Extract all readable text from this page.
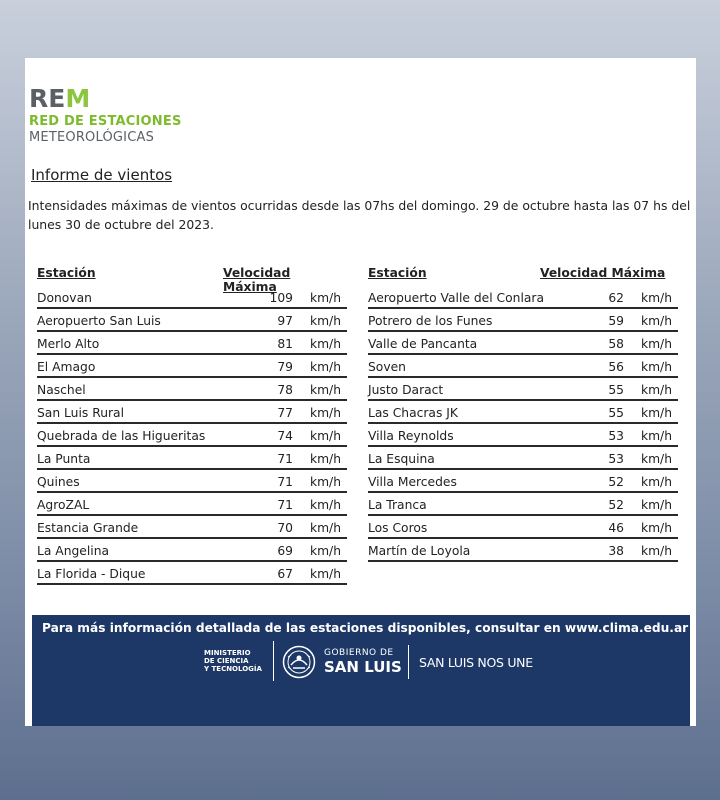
REM
RED DE ESTACIONES
METEOROLÓGICAS
Informe de vientos
Intensidades máximas de vientos ocurridas desde las 07hs del domingo. 29 de octubre hasta las 07 hs del lunes 30 de octubre del 2023.
Estación	Velocidad Máxima
Donovan	109	km/h
Aeropuerto San Luis	97	km/h
Merlo Alto	81	km/h
El Amago	79	km/h
Naschel	78	km/h
San Luis Rural	77	km/h
Quebrada de las Higueritas	74	km/h
La Punta	71	km/h
Quines	71	km/h
AgroZAL	71	km/h
Estancia Grande	70	km/h
La Angelina	69	km/h
La Florida - Dique	67	km/h
Estación	Velocidad Máxima
Aeropuerto Valle del Conlara	62	km/h
Potrero de los Funes	59	km/h
Valle de Pancanta	58	km/h
Soven	56	km/h
Justo Daract	55	km/h
Las Chacras JK	55	km/h
Villa Reynolds	53	km/h
La Esquina	53	km/h
Villa Mercedes	52	km/h
La Tranca	52	km/h
Los Coros	46	km/h
Martín de Loyola	38	km/h
Para más información detallada de las estaciones disponibles, consultar en www.clima.edu.ar
MINISTERIO
DE CIENCIA
Y TECNOLOGÍA
GOBIERNO DE
SAN LUIS SAN LUIS NOS UNE
